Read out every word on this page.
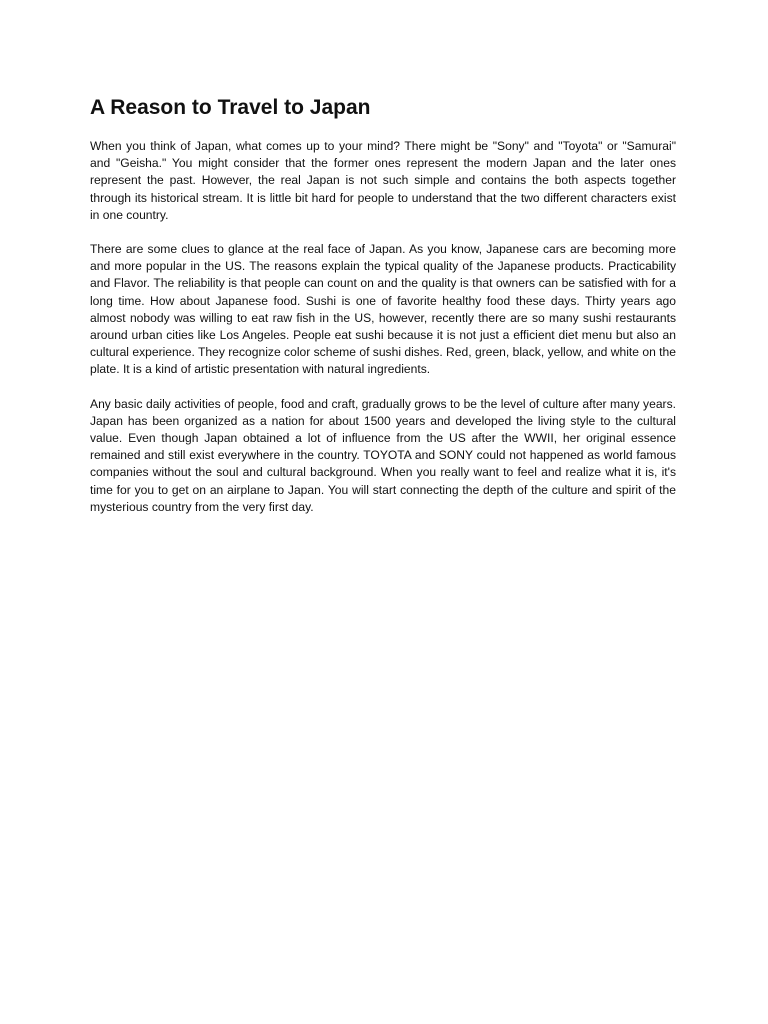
A Reason to Travel to Japan

When you think of Japan, what comes up to your mind? There might be "Sony" and "Toyota" or "Samurai" and "Geisha." You might consider that the former ones represent the modern Japan and the later ones represent the past. However, the real Japan is not such simple and contains the both aspects together through its historical stream. It is little bit hard for people to understand that the two different characters exist in one country.

There are some clues to glance at the real face of Japan. As you know, Japanese cars are becoming more and more popular in the US. The reasons explain the typical quality of the Japanese products. Practicability and Flavor. The reliability is that people can count on and the quality is that owners can be satisfied with for a long time. How about Japanese food. Sushi is one of favorite healthy food these days. Thirty years ago almost nobody was willing to eat raw fish in the US, however, recently there are so many sushi restaurants around urban cities like Los Angeles. People eat sushi because it is not just a efficient diet menu but also an cultural experience. They recognize color scheme of sushi dishes. Red, green, black, yellow, and white on the plate. It is a kind of artistic presentation with natural ingredients.

Any basic daily activities of people, food and craft, gradually grows to be the level of culture after many years. Japan has been organized as a nation for about 1500 years and developed the living style to the cultural value. Even though Japan obtained a lot of influence from the US after the WWII, her original essence remained and still exist everywhere in the country. TOYOTA and SONY could not happened as world famous companies without the soul and cultural background. When you really want to feel and realize what it is, it's time for you to get on an airplane to Japan. You will start connecting the depth of the culture and spirit of the mysterious country from the very first day.
